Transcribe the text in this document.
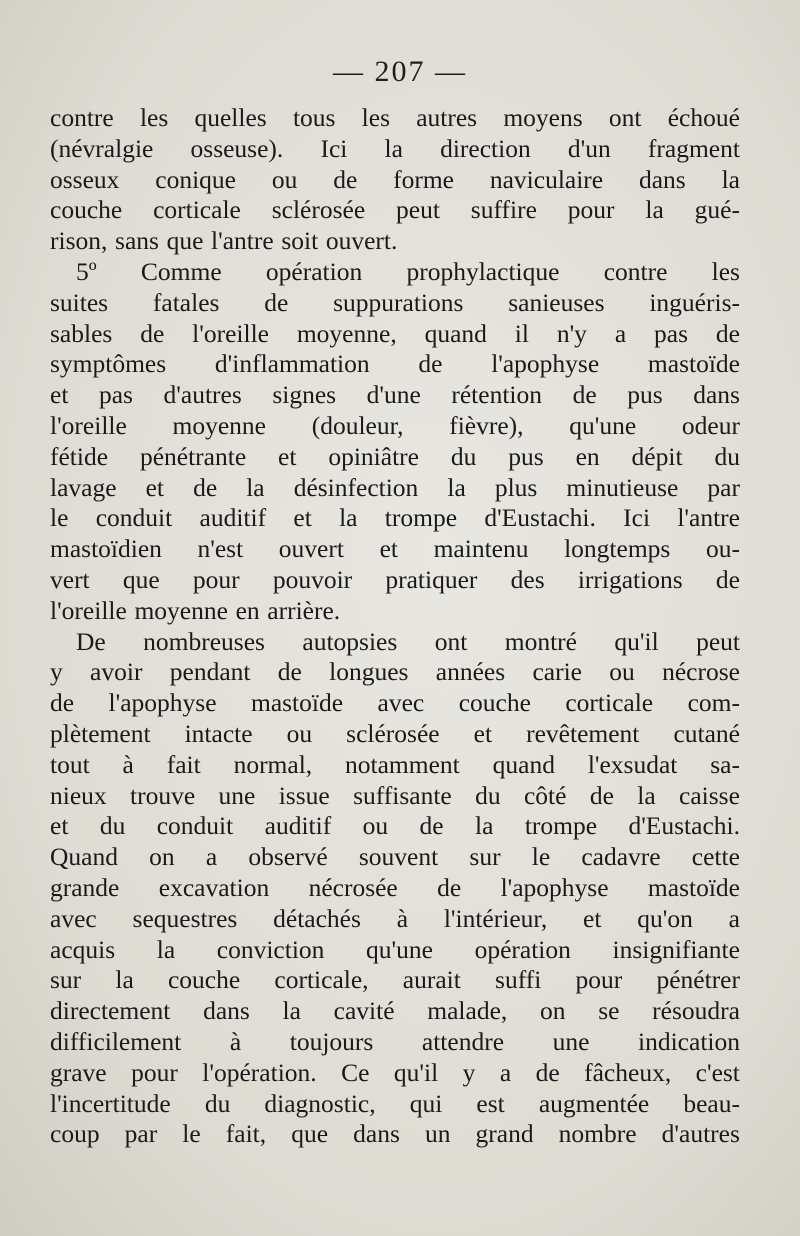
— 207 —
contre les quelles tous les autres moyens ont échoué
(névralgie osseuse). Ici la direction d'un fragment
osseux conique ou de forme naviculaire dans la
couche corticale sclérosée peut suffire pour la gué-
rison, sans que l'antre soit ouvert.
5º Comme opération prophylactique contre les
suites fatales de suppurations sanieuses inguéris-
sables de l'oreille moyenne, quand il n'y a pas de
symptômes d'inflammation de l'apophyse mastoïde
et pas d'autres signes d'une rétention de pus dans
l'oreille moyenne (douleur, fièvre), qu'une odeur
fétide pénétrante et opiniâtre du pus en dépit du
lavage et de la désinfection la plus minutieuse par
le conduit auditif et la trompe d'Eustachi. Ici l'antre
mastoïdien n'est ouvert et maintenu longtemps ou-
vert que pour pouvoir pratiquer des irrigations de
l'oreille moyenne en arrière.
De nombreuses autopsies ont montré qu'il peut
y avoir pendant de longues années carie ou nécrose
de l'apophyse mastoïde avec couche corticale com-
plètement intacte ou sclérosée et revêtement cutané
tout à fait normal, notamment quand l'exsudat sa-
nieux trouve une issue suffisante du côté de la caisse
et du conduit auditif ou de la trompe d'Eustachi.
Quand on a observé souvent sur le cadavre cette
grande excavation nécrosée de l'apophyse mastoïde
avec sequestres détachés à l'intérieur, et qu'on a
acquis la conviction qu'une opération insignifiante
sur la couche corticale, aurait suffi pour pénétrer
directement dans la cavité malade, on se résoudra
difficilement à toujours attendre une indication
grave pour l'opération. Ce qu'il y a de fâcheux, c'est
l'incertitude du diagnostic, qui est augmentée beau-
coup par le fait, que dans un grand nombre d'autres
